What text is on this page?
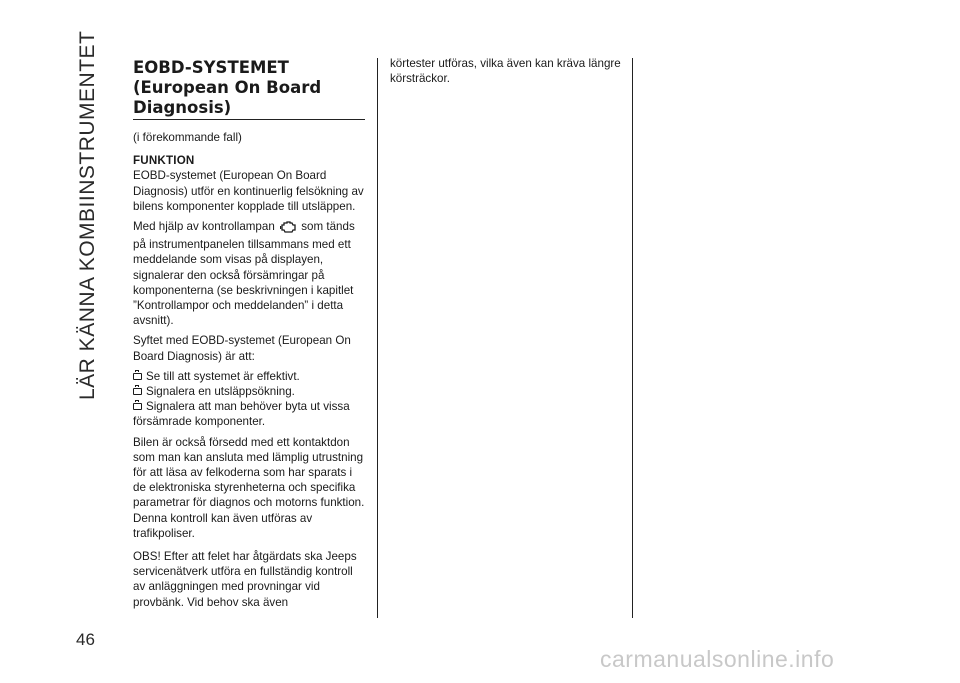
LÄR KÄNNA KOMBIINSTRUMENTET
46
EOBD-SYSTEMET
(European On Board
Diagnosis)
(i förekommande fall)
FUNKTION

EOBD-systemet (European On Board Diagnosis) utför en kontinuerlig felsökning av bilens komponenter kopplade till utsläppen.

Med hjälp av kontrollampan som tänds på instrumentpanelen tillsammans med ett meddelande som visas på displayen, signalerar den också försämringar på komponenterna (se beskrivningen i kapitlet ”Kontrollampor och meddelanden” i detta avsnitt).

Syftet med EOBD-systemet (European On Board Diagnosis) är att:

Se till att systemet är effektivt.
Signalera en utsläppsökning.
Signalera att man behöver byta ut vissa försämrade komponenter.

Bilen är också försedd med ett kontaktdon som man kan ansluta med lämplig utrustning för att läsa av felkoderna som har sparats i de elektroniska styrenheterna och specifika parametrar för diagnos och motorns funktion. Denna kontroll kan även utföras av trafikpoliser.

OBS! Efter att felet har åtgärdats ska Jeeps servicenätverk utföra en fullständig kontroll av anläggningen med provningar vid provbänk. Vid behov ska även

körtester utföras, vilka även kan kräva längre körsträckor.

carmanualsonline.info
